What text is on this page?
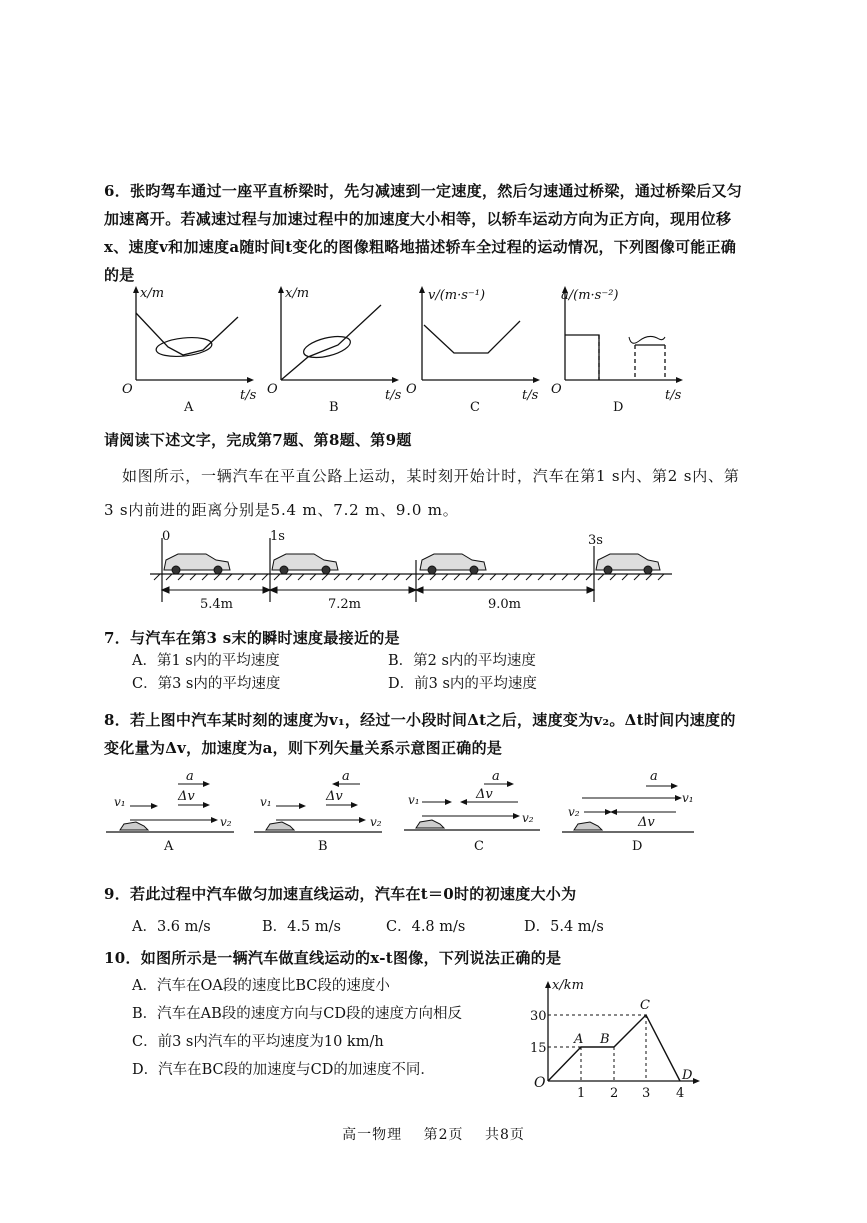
6．张昀驾车通过一座平直桥梁时，先匀减速到一定速度，然后匀速通过桥梁，通过桥梁后又匀加速离开。若减速过程与加速过程中的加速度大小相等，以轿车运动方向为正方向，现用位移x、速度v和加速度a随时间t变化的图像粗略地描述轿车全过程的运动情况，下列图像可能正确的是
x/m
O	t/s
A
x/m
O	t/s
B
v/(m·s⁻¹)
O	t/s
C
a/(m·s⁻²)
O	t/s
D
请阅读下述文字，完成第7题、第8题、第9题
如图所示，一辆汽车在平直公路上运动，某时刻开始计时，汽车在第1 s内、第2 s内、第3 s内前进的距离分别是5.4 m、7.2 m、9.0 m。
0	1s	3s
5.4m	7.2m	9.0m
7．与汽车在第3 s末的瞬时速度最接近的是
A．第1 s内的平均速度	B．第2 s内的平均速度
C．第3 s内的平均速度	D．前3 s内的平均速度
8．若上图中汽车某时刻的速度为v₁，经过一小段时间Δt之后，速度变为v₂。Δt时间内速度的变化量为Δv，加速度为a，则下列矢量关系示意图正确的是
a
Δv
v₁
v₂
A
a
Δv
v₁
v₂
B
a
Δv
v₁
v₂
C
a
v₁
v₂
Δv
D
9．若此过程中汽车做匀加速直线运动，汽车在t＝0时的初速度大小为
A．3.6 m/s	B．4.5 m/s	C．4.8 m/s	D．5.4 m/s
10．如图所示是一辆汽车做直线运动的x-t图像，下列说法正确的是
A．汽车在OA段的速度比BC段的速度小
B．汽车在AB段的速度方向与CD段的速度方向相反
C．前3 s内汽车的平均速度为10 km/h
D．汽车在BC段的加速度与CD的加速度不同．
x/km
O
15
30
1 2 3 4
A B
C
D
高一物理 第2页 共8页
